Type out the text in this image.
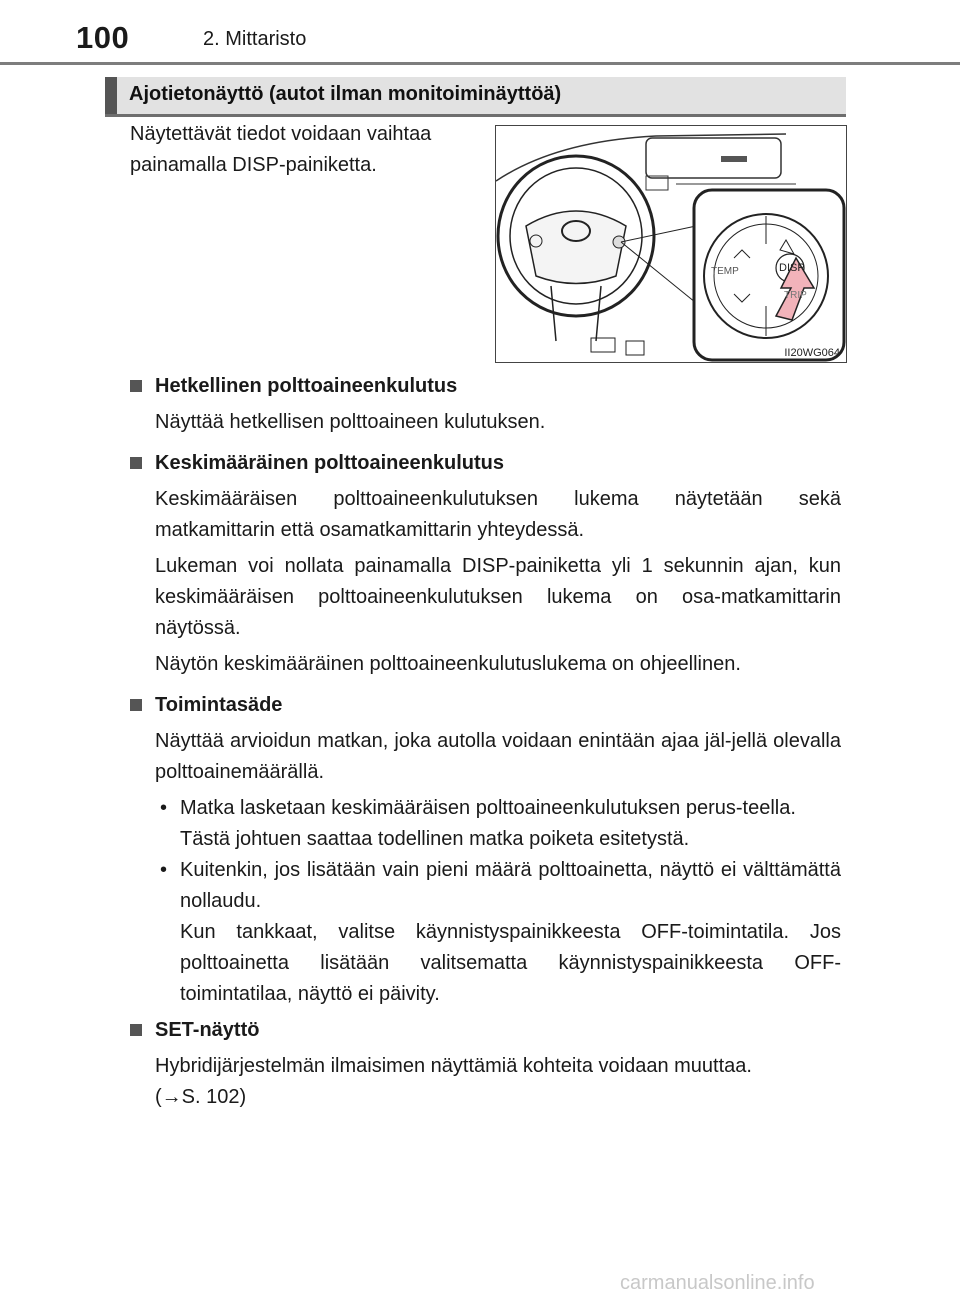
100	2. Mittaristo
Ajotietonäyttö (autot ilman monitoiminäyttöä)
Näytettävät tiedot voidaan vaihtaa painamalla DISP-painiketta.
DISP
TEMP
TRIP
II20WG064
Hetkellinen polttoaineenkulutus

Näyttää hetkellisen polttoaineen kulutuksen.

Keskimääräinen polttoaineenkulutus

Keskimääräisen polttoaineenkulutuksen lukema näytetään sekä matkamittarin että osamatkamittarin yhteydessä.

Lukeman voi nollata painamalla DISP-painiketta yli 1 sekunnin ajan, kun keskimääräisen polttoaineenkulutuksen lukema on osa-matkamittarin näytössä.

Näytön keskimääräinen polttoaineenkulutuslukema on ohjeellinen.

Toimintasäde

Näyttää arvioidun matkan, joka autolla voidaan enintään ajaa jäl-jellä olevalla polttoainemäärällä.

• Matka lasketaan keskimääräisen polttoaineenkulutuksen perus-teella.

Tästä johtuen saattaa todellinen matka poiketa esitetystä.

• Kuitenkin, jos lisätään vain pieni määrä polttoainetta, näyttö ei välttämättä nollaudu.

Kun tankkaat, valitse käynnistyspainikkeesta OFF-toimintatila. Jos polttoainetta lisätään valitsematta käynnistyspainikkeesta OFF-toimintatilaa, näyttö ei päivity.

SET-näyttö

Hybridijärjestelmän ilmaisimen näyttämiä kohteita voidaan muuttaa.

(→S. 102)

carmanualsonline.info
